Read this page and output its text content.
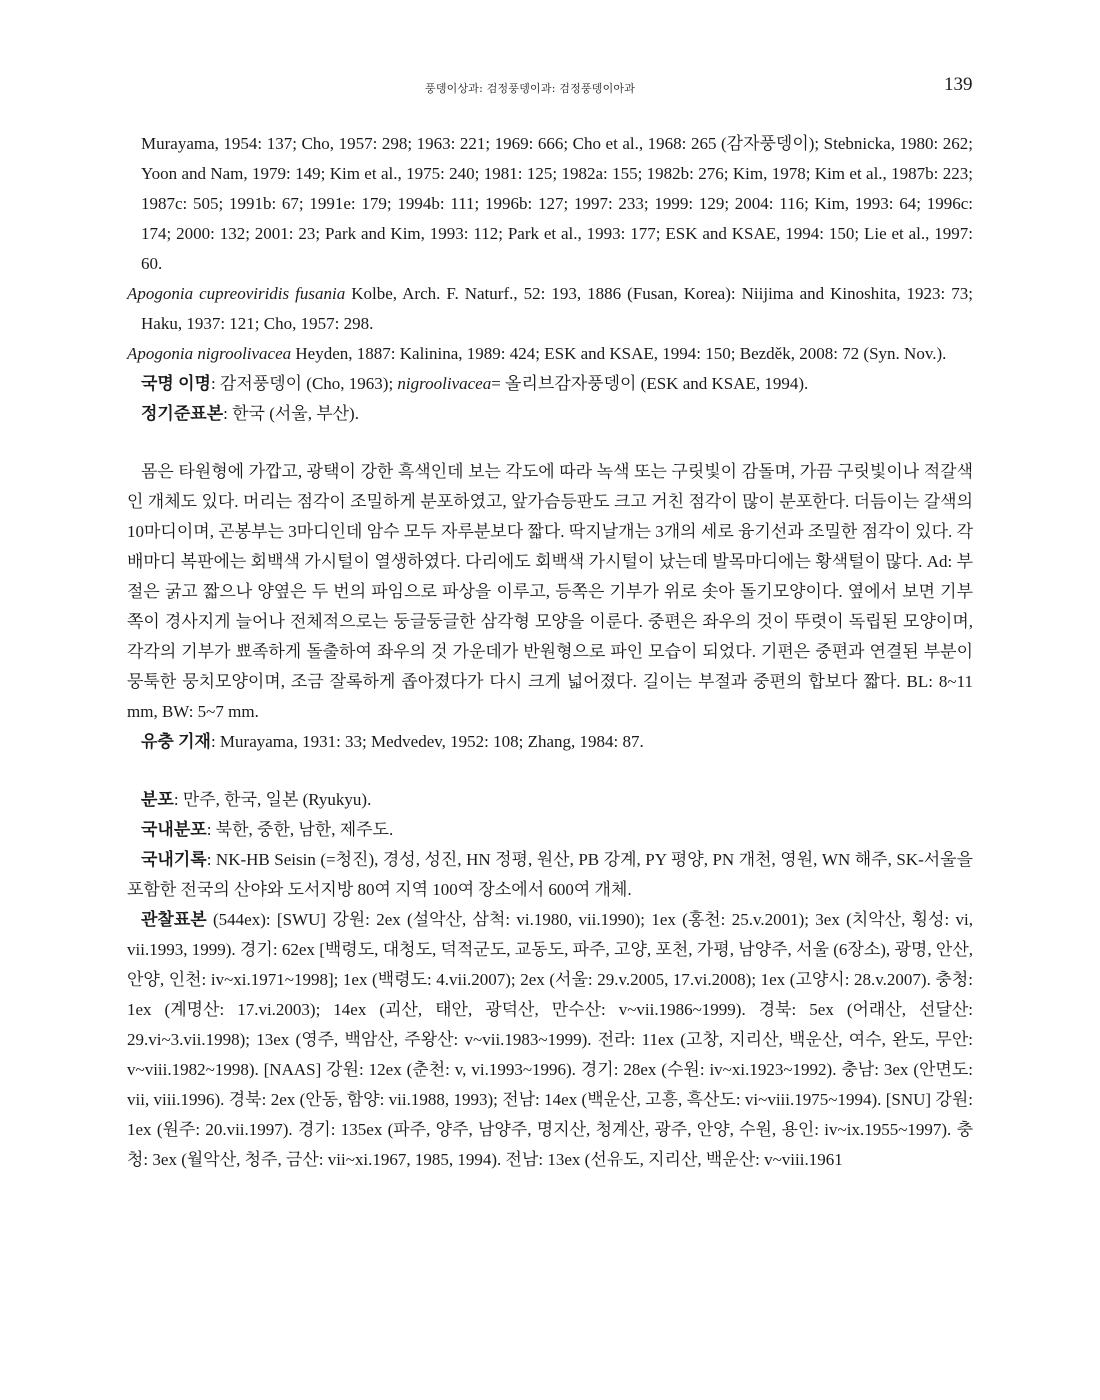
풍뎅이상과: 검정풍뎅이과: 검정풍뎅이아과	139

Murayama, 1954: 137; Cho, 1957: 298; 1963: 221; 1969: 666; Cho et al., 1968: 265 (감자풍뎅이); Stebnicka, 1980: 262; Yoon and Nam, 1979: 149; Kim et al., 1975: 240; 1981: 125; 1982a: 155; 1982b: 276; Kim, 1978; Kim et al., 1987b: 223; 1987c: 505; 1991b: 67; 1991e: 179; 1994b: 111; 1996b: 127; 1997: 233; 1999: 129; 2004: 116; Kim, 1993: 64; 1996c: 174; 2000: 132; 2001: 23; Park and Kim, 1993: 112; Park et al., 1993: 177; ESK and KSAE, 1994: 150; Lie et al., 1997: 60.

Apogonia cupreoviridis fusania Kolbe, Arch. F. Naturf., 52: 193, 1886 (Fusan, Korea): Niijima and Kinoshita, 1923: 73; Haku, 1937: 121; Cho, 1957: 298.

Apogonia nigroolivacea Heyden, 1887: Kalinina, 1989: 424; ESK and KSAE, 1994: 150; Bezděk, 2008: 72 (Syn. Nov.).

국명 이명: 감저풍뎅이 (Cho, 1963); nigroolivacea= 올리브감자풍뎅이 (ESK and KSAE, 1994).

정기준표본: 한국 (서울, 부산).

몸은 타원형에 가깝고, 광택이 강한 흑색인데 보는 각도에 따라 녹색 또는 구릿빛이 감돌며, 가끔 구릿빛이나 적갈색인 개체도 있다. 머리는 점각이 조밀하게 분포하였고, 앞가슴등판도 크고 거친 점각이 많이 분포한다. 더듬이는 갈색의 10마디이며, 곤봉부는 3마디인데 암수 모두 자루분보다 짧다. 딱지날개는 3개의 세로 융기선과 조밀한 점각이 있다. 각 배마디 복판에는 회백색 가시털이 열생하였다. 다리에도 회백색 가시털이 났는데 발목마디에는 황색털이 많다. Ad: 부절은 굵고 짧으나 양옆은 두 번의 파임으로 파상을 이루고, 등쪽은 기부가 위로 솟아 돌기모양이다. 옆에서 보면 기부 쪽이 경사지게 늘어나 전체적으로는 둥글둥글한 삼각형 모양을 이룬다. 중편은 좌우의 것이 뚜렷이 독립된 모양이며, 각각의 기부가 뾰족하게 돌출하여 좌우의 것 가운데가 반원형으로 파인 모습이 되었다. 기편은 중편과 연결된 부분이 뭉툭한 뭉치모양이며, 조금 잘록하게 좁아졌다가 다시 크게 넓어졌다. 길이는 부절과 중편의 합보다 짧다. BL: 8~11 mm, BW: 5~7 mm.

유충 기재: Murayama, 1931: 33; Medvedev, 1952: 108; Zhang, 1984: 87.

분포: 만주, 한국, 일본 (Ryukyu).

국내분포: 북한, 중한, 남한, 제주도.

국내기록: NK-HB Seisin (=청진), 경성, 성진, HN 정평, 원산, PB 강계, PY 평양, PN 개천, 영원, WN 해주, SK-서울을 포함한 전국의 산야와 도서지방 80여 지역 100여 장소에서 600여 개체.

관찰표본 (544ex): [SWU] 강원: 2ex (설악산, 삼척: vi.1980, vii.1990); 1ex (홍천: 25.v.2001); 3ex (치악산, 횡성: vi, vii.1993, 1999). 경기: 62ex [백령도, 대청도, 덕적군도, 교동도, 파주, 고양, 포천, 가평, 남양주, 서울 (6장소), 광명, 안산, 안양, 인천: iv~xi.1971~1998]; 1ex (백령도: 4.vii.2007); 2ex (서울: 29.v.2005, 17.vi.2008); 1ex (고양시: 28.v.2007). 충청: 1ex (계명산: 17.vi.2003); 14ex (괴산, 태안, 광덕산, 만수산: v~vii.1986~1999). 경북: 5ex (어래산, 선달산: 29.vi~3.vii.1998); 13ex (영주, 백암산, 주왕산: v~vii.1983~1999). 전라: 11ex (고창, 지리산, 백운산, 여수, 완도, 무안: v~viii.1982~1998). [NAAS] 강원: 12ex (춘천: v, vi.1993~1996). 경기: 28ex (수원: iv~xi.1923~1992). 충남: 3ex (안면도: vii, viii.1996). 경북: 2ex (안동, 함양: vii.1988, 1993); 전남: 14ex (백운산, 고흥, 흑산도: vi~viii.1975~1994). [SNU] 강원: 1ex (원주: 20.vii.1997). 경기: 135ex (파주, 양주, 남양주, 명지산, 청계산, 광주, 안양, 수원, 용인: iv~ix.1955~1997). 충청: 3ex (월악산, 청주, 금산: vii~xi.1967, 1985, 1994). 전남: 13ex (선유도, 지리산, 백운산: v~viii.1961
